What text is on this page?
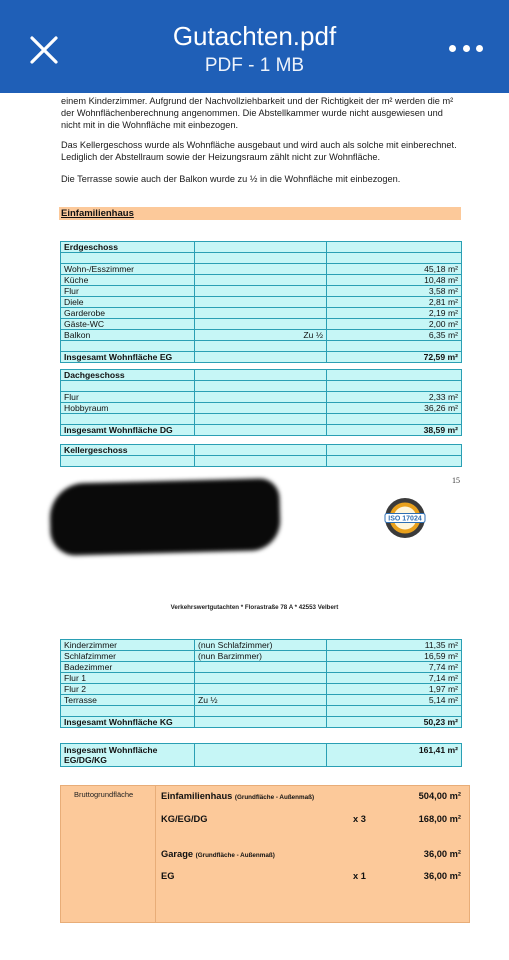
Gutachten.pdf
PDF - 1 MB
einem Kinderzimmer. Aufgrund der Nachvollziehbarkeit und der Richtigkeit der m² werden die m² der Wohnflächenberechnung angenommen. Die Abstellkammer wurde nicht ausgewiesen und nicht mit in die Wohnfläche mit einbezogen.
Das Kellergeschoss wurde als Wohnfläche ausgebaut und wird auch als solche mit einberechnet. Lediglich der Abstellraum sowie der Heizungsraum zählt nicht zur Wohnfläche.
Die Terrasse sowie auch der Balkon wurde zu ½ in die Wohnfläche mit einbezogen.
Einfamilienhaus
Erdgeschoss		

Wohn-/Esszimmer		45,18 m²
Küche		10,48 m²
Flur		3,58 m²
Diele		2,81 m²
Garderobe		2,19 m²
Gäste-WC		2,00 m²
Balkon	Zu ½	6,35 m²

Insgesamt Wohnfläche EG		72,59 m²
Dachgeschoss		

Flur		2,33 m²
Hobbyraum		36,26 m²

Insgesamt Wohnfläche DG		38,59 m²
Kellergeschoss		

15
ISO 17024
Verkehrswertgutachten * Florastraße 78 A * 42553 Velbert
Kinderzimmer	(nun Schlafzimmer)	11,35 m²
Schlafzimmer	(nun Barzimmer)	16,59 m²
Badezimmer		7,74 m²
Flur 1		7,14 m²
Flur 2		1,97 m²
Terrasse	Zu ½	5,14 m²

Insgesamt Wohnfläche KG		50,23 m²
Insgesamt Wohnfläche EG/DG/KG		161,41 m²
Bruttogrundfläche	Einfamilienhaus (Grundfläche - Außenmaß)	504,00 m²
KG/EG/DG	x 3	168,00 m²
Garage (Grundfläche - Außenmaß)	36,00 m²
EG	x 1	36,00 m²
